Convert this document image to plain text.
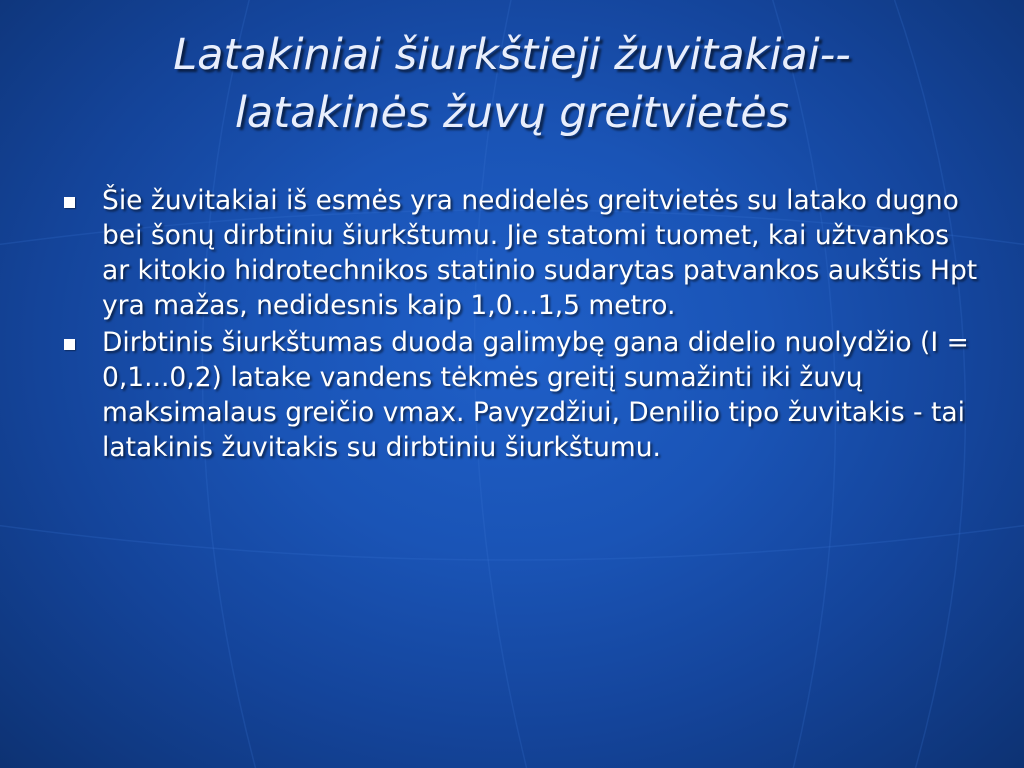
Latakiniai šiurkštieji žuvitakiai--
latakinės žuvų greitvietės
Šie žuvitakiai iš esmės yra nedidelės greitvietės su latako dugno bei šonų dirbtiniu šiurkštumu. Jie statomi tuomet, kai užtvankos ar kitokio hidrotechnikos statinio sudarytas patvankos aukštis Hpt yra mažas, nedidesnis kaip 1,0...1,5 metro.
Dirbtinis šiurkštumas duoda galimybę gana didelio nuolydžio (I = 0,1...0,2) latake vandens tėkmės greitį sumažinti iki žuvų maksimalaus greičio vmax. Pavyzdžiui, Denilio tipo žuvitakis - tai latakinis žuvitakis su dirbtiniu šiurkštumu.
